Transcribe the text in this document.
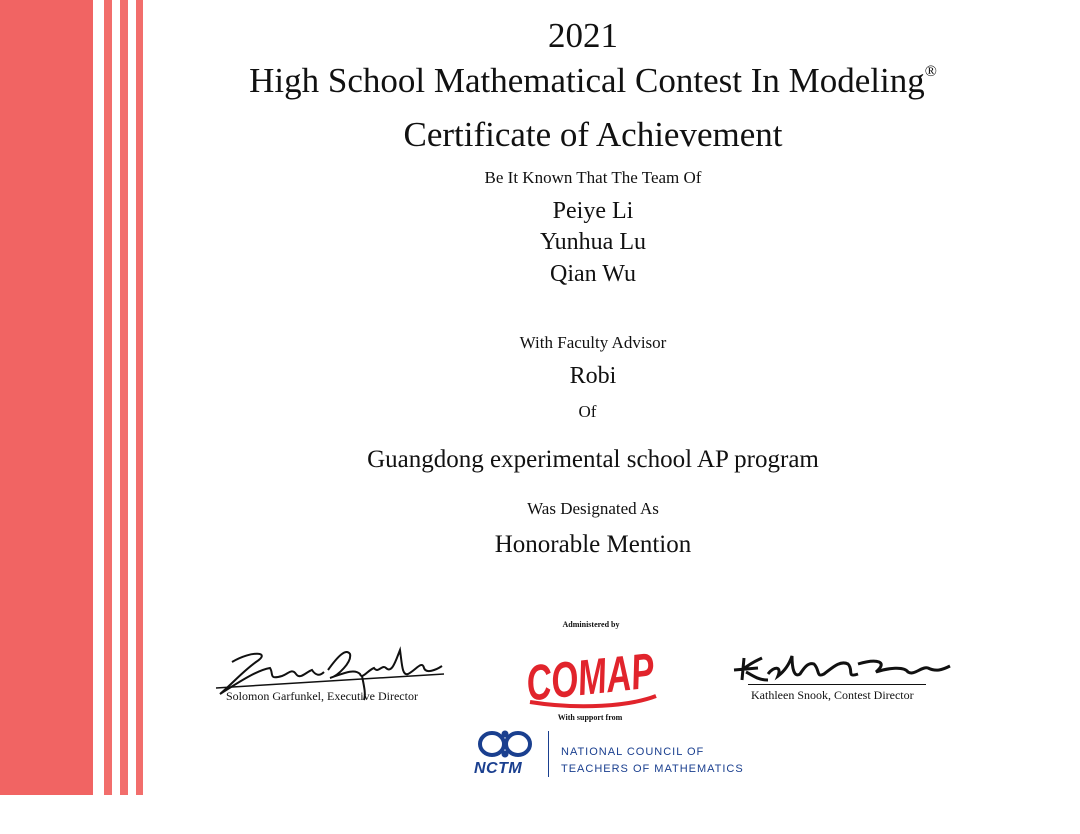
2021
High School Mathematical Contest In Modeling®
Certificate of Achievement
Be It Known That The Team Of
Peiye Li
Yunhua Lu
Qian Wu
With Faculty Advisor
Robi
Of
Guangdong experimental school AP program
Was Designated As
Honorable Mention
Solomon Garfunkel, Executive Director	Kathleen Snook, Contest Director
Administered by
COMAP
With support from
NCTM
NATIONAL COUNCIL OF
TEACHERS OF MATHEMATICS
